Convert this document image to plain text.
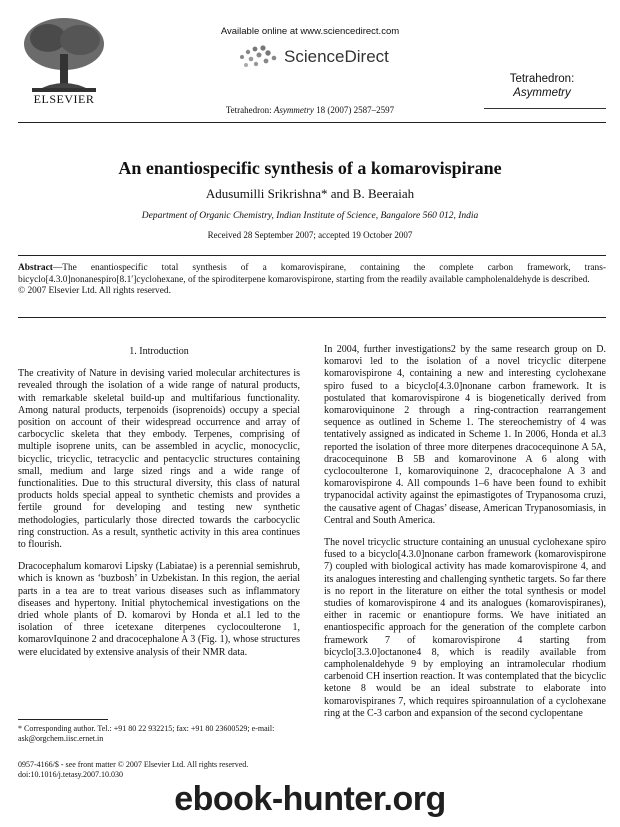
ELSEVIER
Available online at www.sciencedirect.com
ScienceDirect
Tetrahedron: Asymmetry 18 (2007) 2587–2597
Tetrahedron:
Asymmetry
An enantiospecific synthesis of a komarovispirane
Adusumilli Srikrishna* and B. Beeraiah
Department of Organic Chemistry, Indian Institute of Science, Bangalore 560 012, India
Received 28 September 2007; accepted 19 October 2007
Abstract—The enantiospecific total synthesis of a komarovispirane, containing the complete carbon framework, trans-bicyclo[4.3.0]nonanespiro[8.1′]cyclohexane, of the spiroditerpene komarovispirone, starting from the readily available campholenaldehyde is described.
© 2007 Elsevier Ltd. All rights reserved.

1. Introduction

The creativity of Nature in devising varied molecular architectures is revealed through the isolation of a wide range of natural products, with remarkable skeletal build-up and multifarious functionality. Among natural products, terpenoids (isoprenoids) occupy a special position on account of their widespread occurrence and array of carbocyclic skeleta that they embody. Terpenes, comprising of multiple isoprene units, can be assembled in acyclic, monocyclic, bicyclic, tricyclic, tetracyclic and pentacyclic structures containing small, medium and large sized rings and a wide range of functionalities. Due to this structural diversity, this class of natural products holds special appeal to synthetic chemists and provides a fertile ground for developing and testing new synthetic methodologies, particularly those directed towards the carbocyclic ring construction. As a result, synthetic activity in this area continues to flourish.

Dracocephalum komarovi Lipsky (Labiatae) is a perennial semishrub, which is known as ‘buzbosh’ in Uzbekistan. In this region, the aerial parts in a tea are to treat various diseases such as inflammatory diseases and hypertony. Initial phytochemical investigations on the dried whole plants of D. komarovi by Honda et al.1 led to the isolation of three icetexane diterpenes cyclocoulterone 1, komarovIquinone 2 and dracocephalone A 3 (Fig. 1), whose structures were elucidated by extensive analysis of their NMR data.

In 2004, further investigations2 by the same research group on D. komarovi led to the isolation of a novel tricyclic diterpene komarovispirone 4, containing a new and interesting cyclohexane spiro fused to a bicyclo[4.3.0]nonane carbon framework. It is postulated that komarovispirone 4 is biogenetically derived from komaroviquinone 2 through a ring-contraction rearrangement sequence as outlined in Scheme 1. The stereochemistry of 4 was tentatively assigned as indicated in Scheme 1. In 2006, Honda et al.3 reported the isolation of three more diterpenes dracocequinone A 5A, dracocequinone B 5B and komarovinone A 6 along with cyclocoulterone 1, komaroviquinone 2, dracocephalone A 3 and komarovispirone 4. All compounds 1–6 have been found to exhibit trypanocidal activity against the epimastigotes of Trypanosoma cruzi, the causative agent of Chagas’ disease, American Trypanosomiasis, in Central and South America.

The novel tricyclic structure containing an unusual cyclohexane spiro fused to a bicyclo[4.3.0]nonane carbon framework (komarovispirone 7) coupled with biological activity has made komarovispirone 4, and its analogues interesting and challenging synthetic targets. So far there is no report in the literature on either the total synthesis or model studies of komarovispirone 4 and its analogues (komarovispiranes), either in racemic or enantiopure forms. We have initiated an enantiospecific approach for the generation of the complete carbon framework 7 of komarovispirone 4 starting from bicyclo[3.3.0]octanone4 8, which is readily available from campholenaldehyde 9 by employing an intramolecular rhodium carbenoid CH insertion reaction. It was contemplated that the bicyclic ketone 8 would be an ideal substrate to elaborate into komarovispiranes 7, which requires spiroannulation of a cyclohexane ring at the C-3 carbon and expansion of the second cyclopentane

* Corresponding author. Tel.: +91 80 22 932215; fax: +91 80 23600529; e-mail: ask@orgchem.iisc.ernet.in
0957-4166/$ - see front matter © 2007 Elsevier Ltd. All rights reserved.
doi:10.1016/j.tetasy.2007.10.030
ebook-hunter.org
